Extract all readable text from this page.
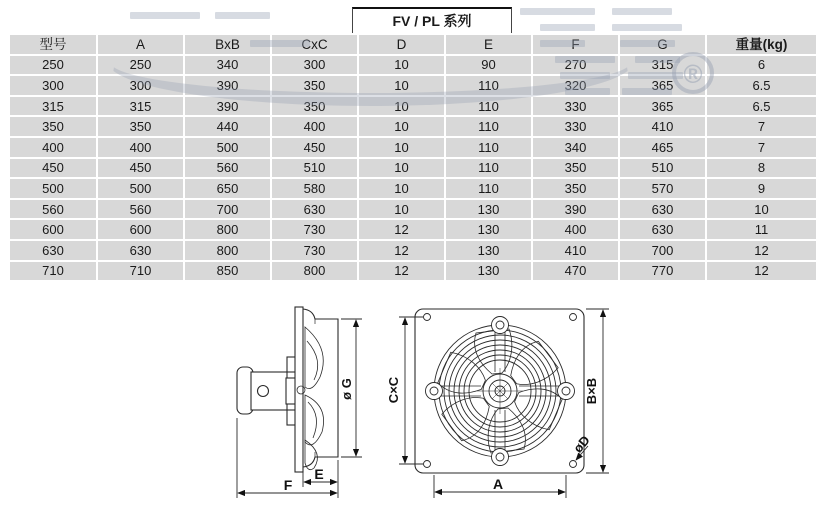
ø G
E
F
C×C	B×B
A
øD
FV / PL 系列
型号	A	BxB	CxC	D	E	F	G	重量(kg)
250	250	340	300	10	90	270	315	6
300	300	390	350	10	110	320	365	6.5
315	315	390	350	10	110	330	365	6.5
350	350	440	400	10	110	330	410	7
400	400	500	450	10	110	340	465	7
450	450	560	510	10	110	350	510	8
500	500	650	580	10	110	350	570	9
560	560	700	630	10	130	390	630	10
600	600	800	730	12	130	400	630	11
630	630	800	730	12	130	410	700	12
710	710	850	800	12	130	470	770	12
®
